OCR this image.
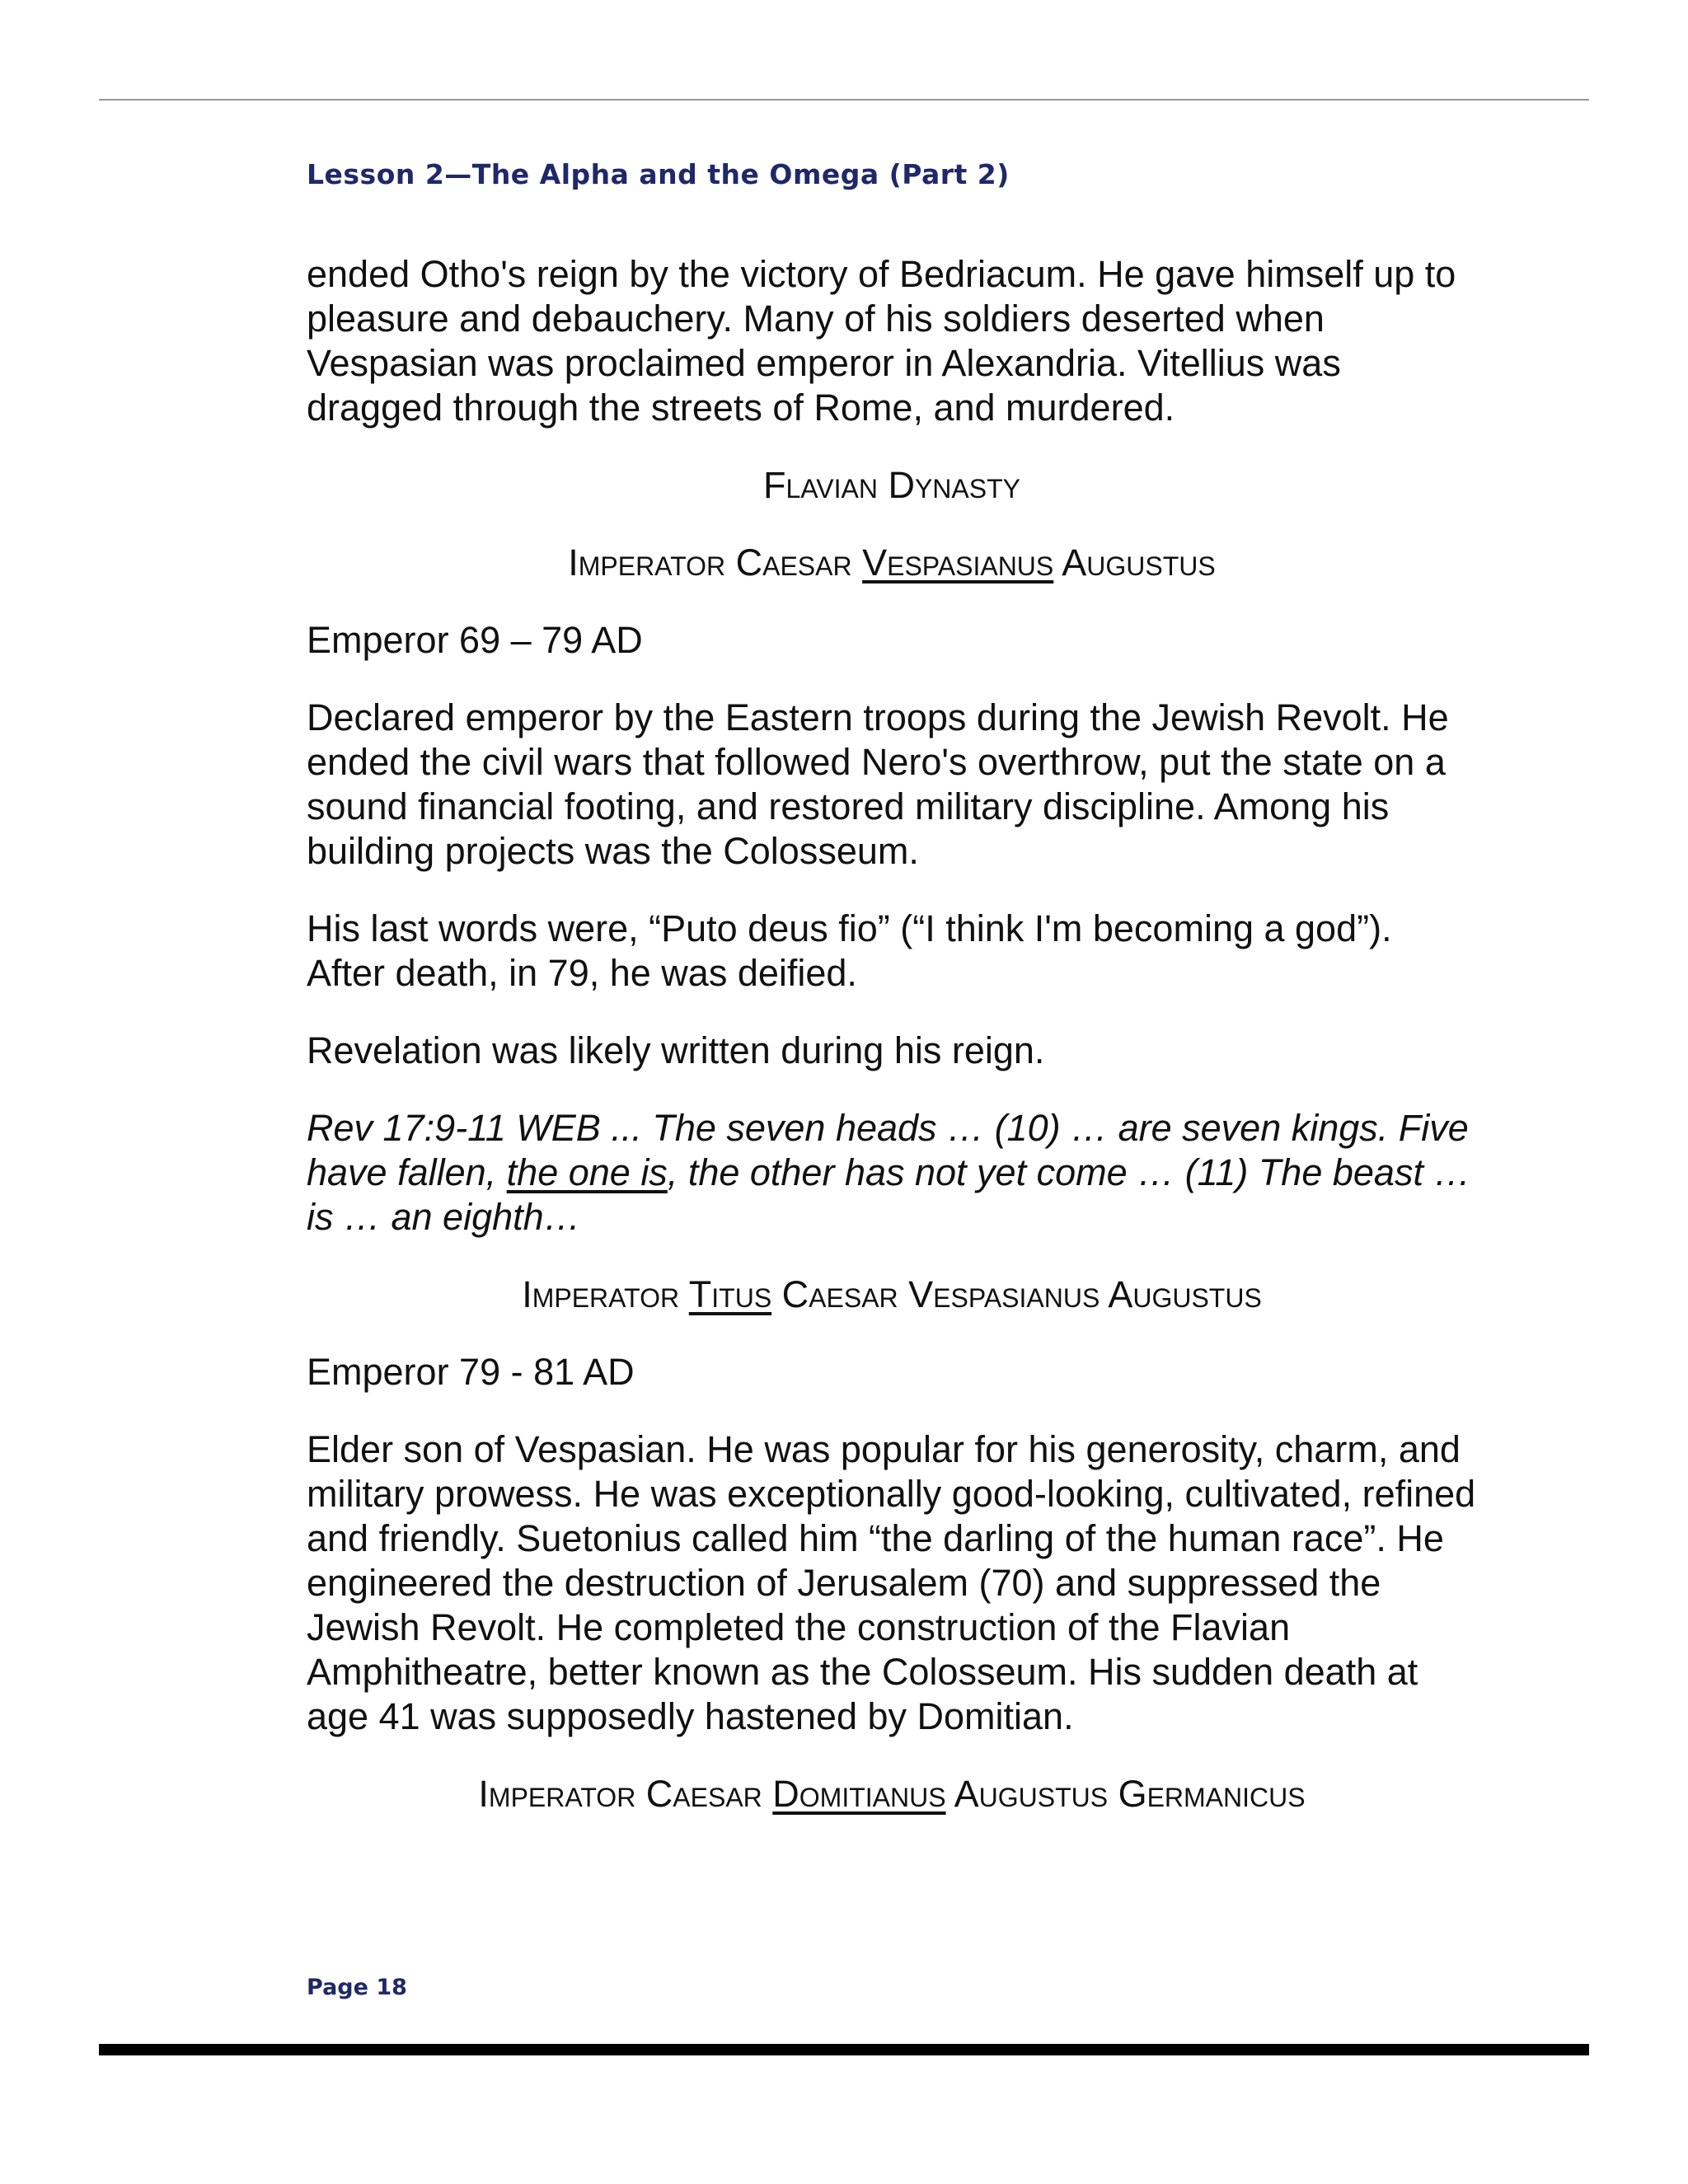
Lesson 2—The Alpha and the Omega (Part 2)

ended Otho's reign by the victory of Bedriacum. He gave himself up to pleasure and debauchery. Many of his soldiers deserted when Vespasian was proclaimed emperor in Alexandria. Vitellius was dragged through the streets of Rome, and murdered.

Flavian Dynasty
Imperator Caesar Vespasianus Augustus

Emperor 69 – 79 AD

Declared emperor by the Eastern troops during the Jewish Revolt. He ended the civil wars that followed Nero's overthrow, put the state on a sound financial footing, and restored military discipline. Among his building projects was the Colosseum.

His last words were, “Puto deus fio” (“I think I'm becoming a god”). After death, in 79, he was deified.

Revelation was likely written during his reign.

Rev 17:9-11 WEB ... The seven heads … (10) … are seven kings. Five have fallen, the one is, the other has not yet come … (11) The beast … is … an eighth…

Imperator Titus Caesar Vespasianus Augustus

Emperor 79 - 81 AD

Elder son of Vespasian. He was popular for his generosity, charm, and military prowess. He was exceptionally good-looking, cultivated, refined and friendly. Suetonius called him “the darling of the human race”. He engineered the destruction of Jerusalem (70) and suppressed the Jewish Revolt. He completed the construction of the Flavian Amphitheatre, better known as the Colosseum. His sudden death at age 41 was supposedly hastened by Domitian.

Imperator Caesar Domitianus Augustus Germanicus
Page 18
